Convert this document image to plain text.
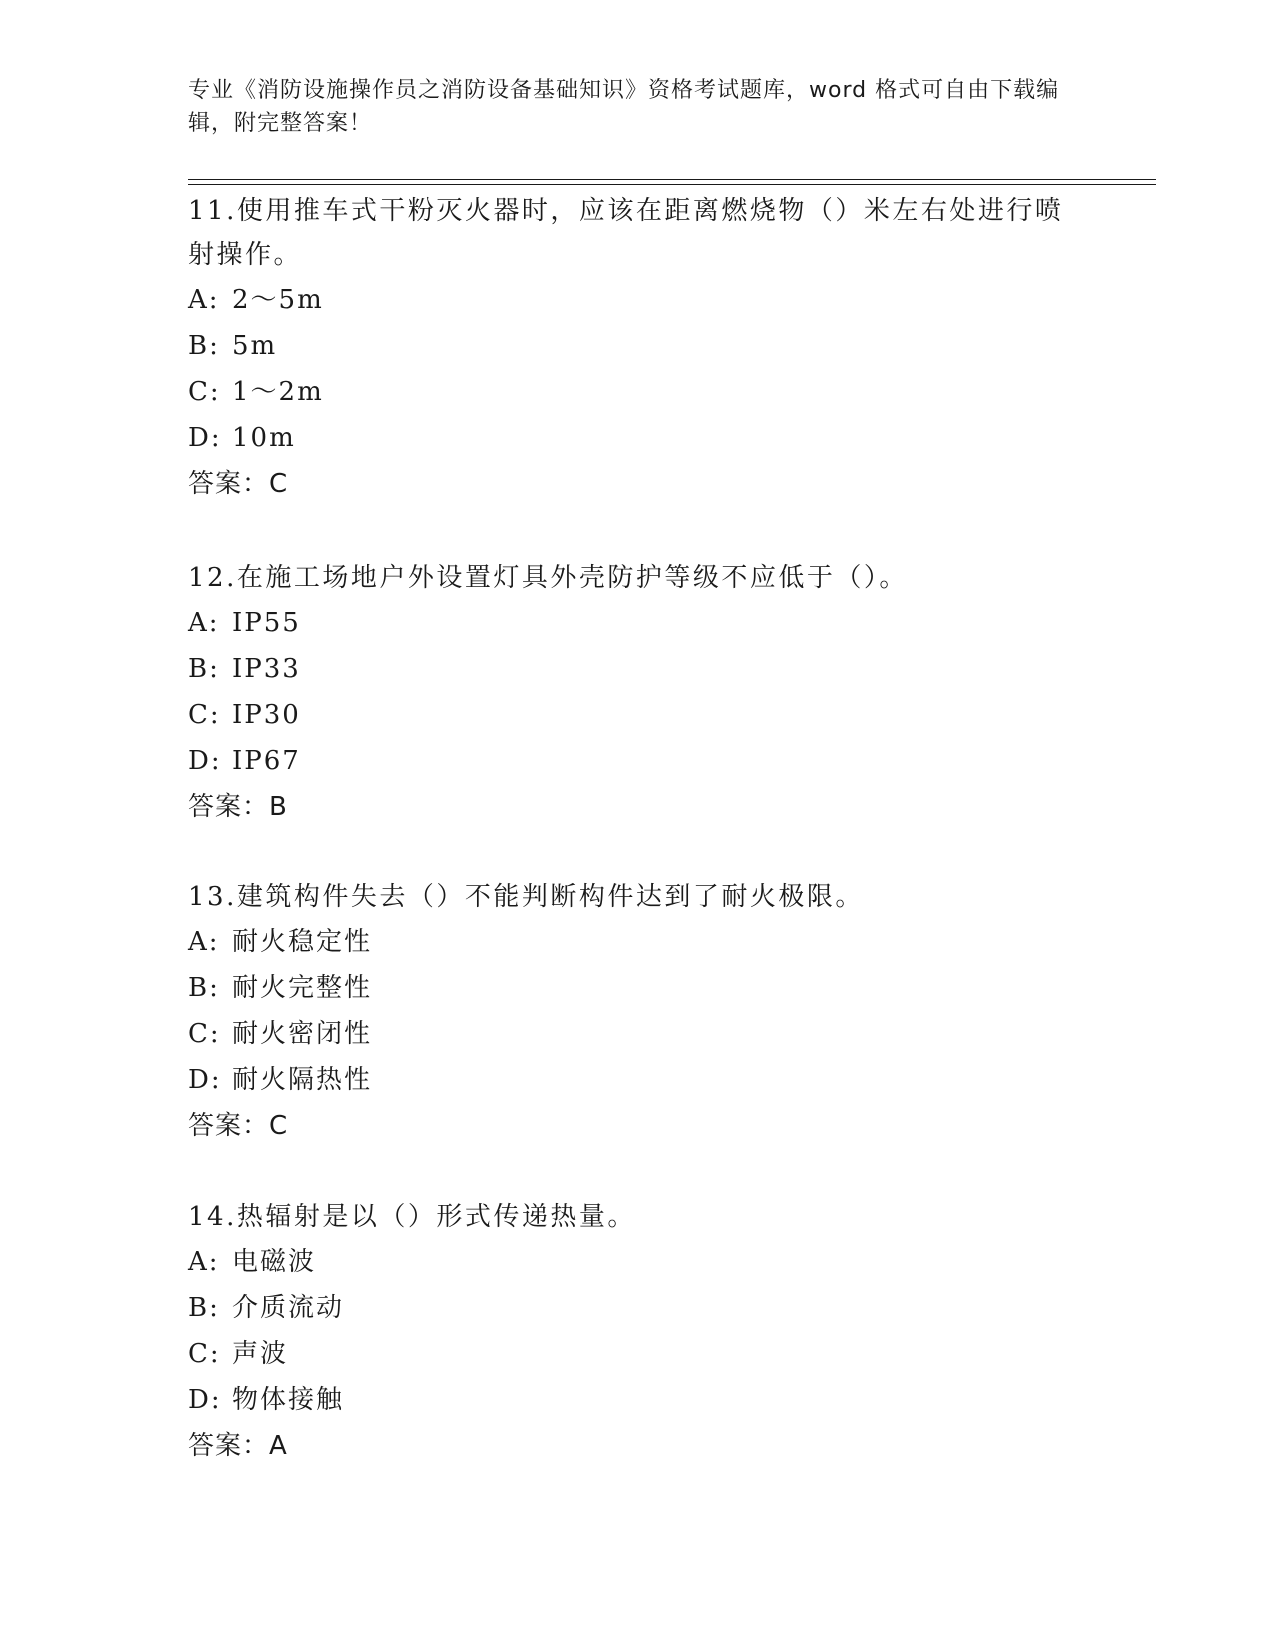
专业《消防设施操作员之消防设备基础知识》资格考试题库，word 格式可自由下载编辑，附完整答案！

11.使用推车式干粉灭火器时，应该在距离燃烧物（）米左右处进行喷射操作。

A: 2～5m

B: 5m

C: 1～2m

D: 10m

答案：C

12.在施工场地户外设置灯具外壳防护等级不应低于（）。

A: IP55

B: IP33

C: IP30

D: IP67

答案：B

13.建筑构件失去（）不能判断构件达到了耐火极限。

A: 耐火稳定性

B: 耐火完整性

C: 耐火密闭性

D: 耐火隔热性

答案：C

14.热辐射是以（）形式传递热量。

A: 电磁波

B: 介质流动

C: 声波

D: 物体接触

答案：A
